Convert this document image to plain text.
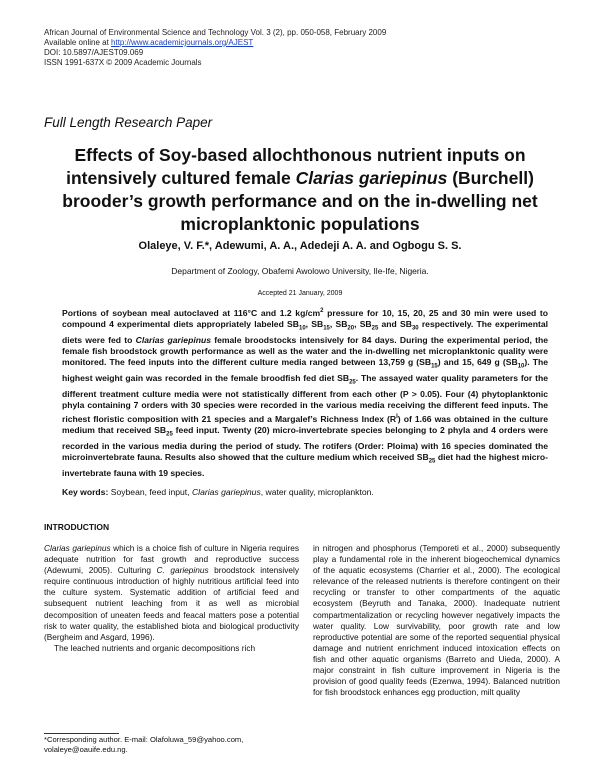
African Journal of Environmental Science and Technology Vol. 3 (2), pp. 050-058, February 2009
Available online at http://www.academicjournals.org/AJEST
DOI: 10.5897/AJEST09.069
ISSN 1991-637X © 2009 Academic Journals
Full Length Research Paper
Effects of Soy-based allochthonous nutrient inputs on intensively cultured female Clarias gariepinus (Burchell) brooder’s growth performance and on the in-dwelling net microplanktonic populations
Olaleye, V. F.*, Adewumi, A. A., Adedeji A. A. and Ogbogu S. S.
Department of Zoology, Obafemi Awolowo University, Ile-Ife, Nigeria.
Accepted 21 January, 2009
Portions of soybean meal autoclaved at 116°C and 1.2 $kg/cm^2$ pressure for 10, 15, 20, 25 and 30 min were used to compound 4 experimental diets appropriately labeled $SB_{10}$, $SB_{15}$, $SB_{20}$, $SB_{25}$ and $SB_{30}$ respectively. The experimental diets were fed to Clarias gariepinus female broodstocks intensively for 84 days. During the experimental period, the female fish broodstock growth performance as well as the water and the in-dwelling net microplanktonic quality were monitored. The feed inputs into the different culture media ranged between 13,759 g $(SB_{15})$ and 15, 649 g $(SB_{10})$. The highest weight gain was recorded in the female broodfish fed diet $SB_{25}$. The assayed water quality parameters for the different treatment culture media were not statistically different from each other (P > 0.05). Four (4) phytoplanktonic phyla containing 7 orders with 30 species were recorded in the various media receiving the different feed inputs. The richest floristic composition with 21 species and a Margalef’s Richness Index $(R^I)$ of 1.66 was obtained in the culture medium that received $SB_{25}$ feed input. Twenty (20) micro-invertebrate species belonging to 2 phyla and 4 orders were recorded in the various media during the period of study. The rotifers (Order: Ploima) with 16 species dominated the microinvertebrate fauna. Results also showed that the culture medium which received $SB_{25}$ diet had the highest micro-invertebrate fauna with 19 species.
Key words: Soybean, feed input, Clarias gariepinus, water quality, microplankton.
INTRODUCTION
Clarias gariepinus which is a choice fish of culture in Nigeria requires adequate nutrition for fast growth and reproductive success (Adewumi, 2005). Culturing C. gariepinus broodstock intensively require continuous introduction of highly nutritious artificial feed into the culture system. Systematic addition of artificial feed and subsequent nutrient leaching from it as well as microbial decomposition of uneaten feeds and feacal matters pose a potential risk to water quality, the established biota and biological productivity (Bergheim and Asgard, 1996).
The leached nutrients and organic decompositions rich
in nitrogen and phosphorus (Temporeti et al., 2000) subsequently play a fundamental role in the inherent biogeochemical dynamics of the aquatic ecosystems (Charrier et al., 2000). The ecological relevance of the released nutrients is therefore contingent on their recycling or transfer to other compartments of the aquatic ecosystem (Beyruth and Tanaka, 2000). Inadequate nutrient compartmentalization or recycling however negatively impacts the water quality. Low survivability, poor growth rate and low reproductive potential are some of the reported sequential physical damage and nutrient enrichment induced intoxication effects on fish and other aquatic organisms (Barreto and Uieda, 2000). A major constraint in fish culture improvement in Nigeria is the provision of good quality feeds (Ezenwa, 1994). Balanced nutrition for fish broodstock enhances egg production, milt quality
*Corresponding author. E-mail: Olafoluwa_59@yahoo.com,
volaleye@oauife.edu.ng.
